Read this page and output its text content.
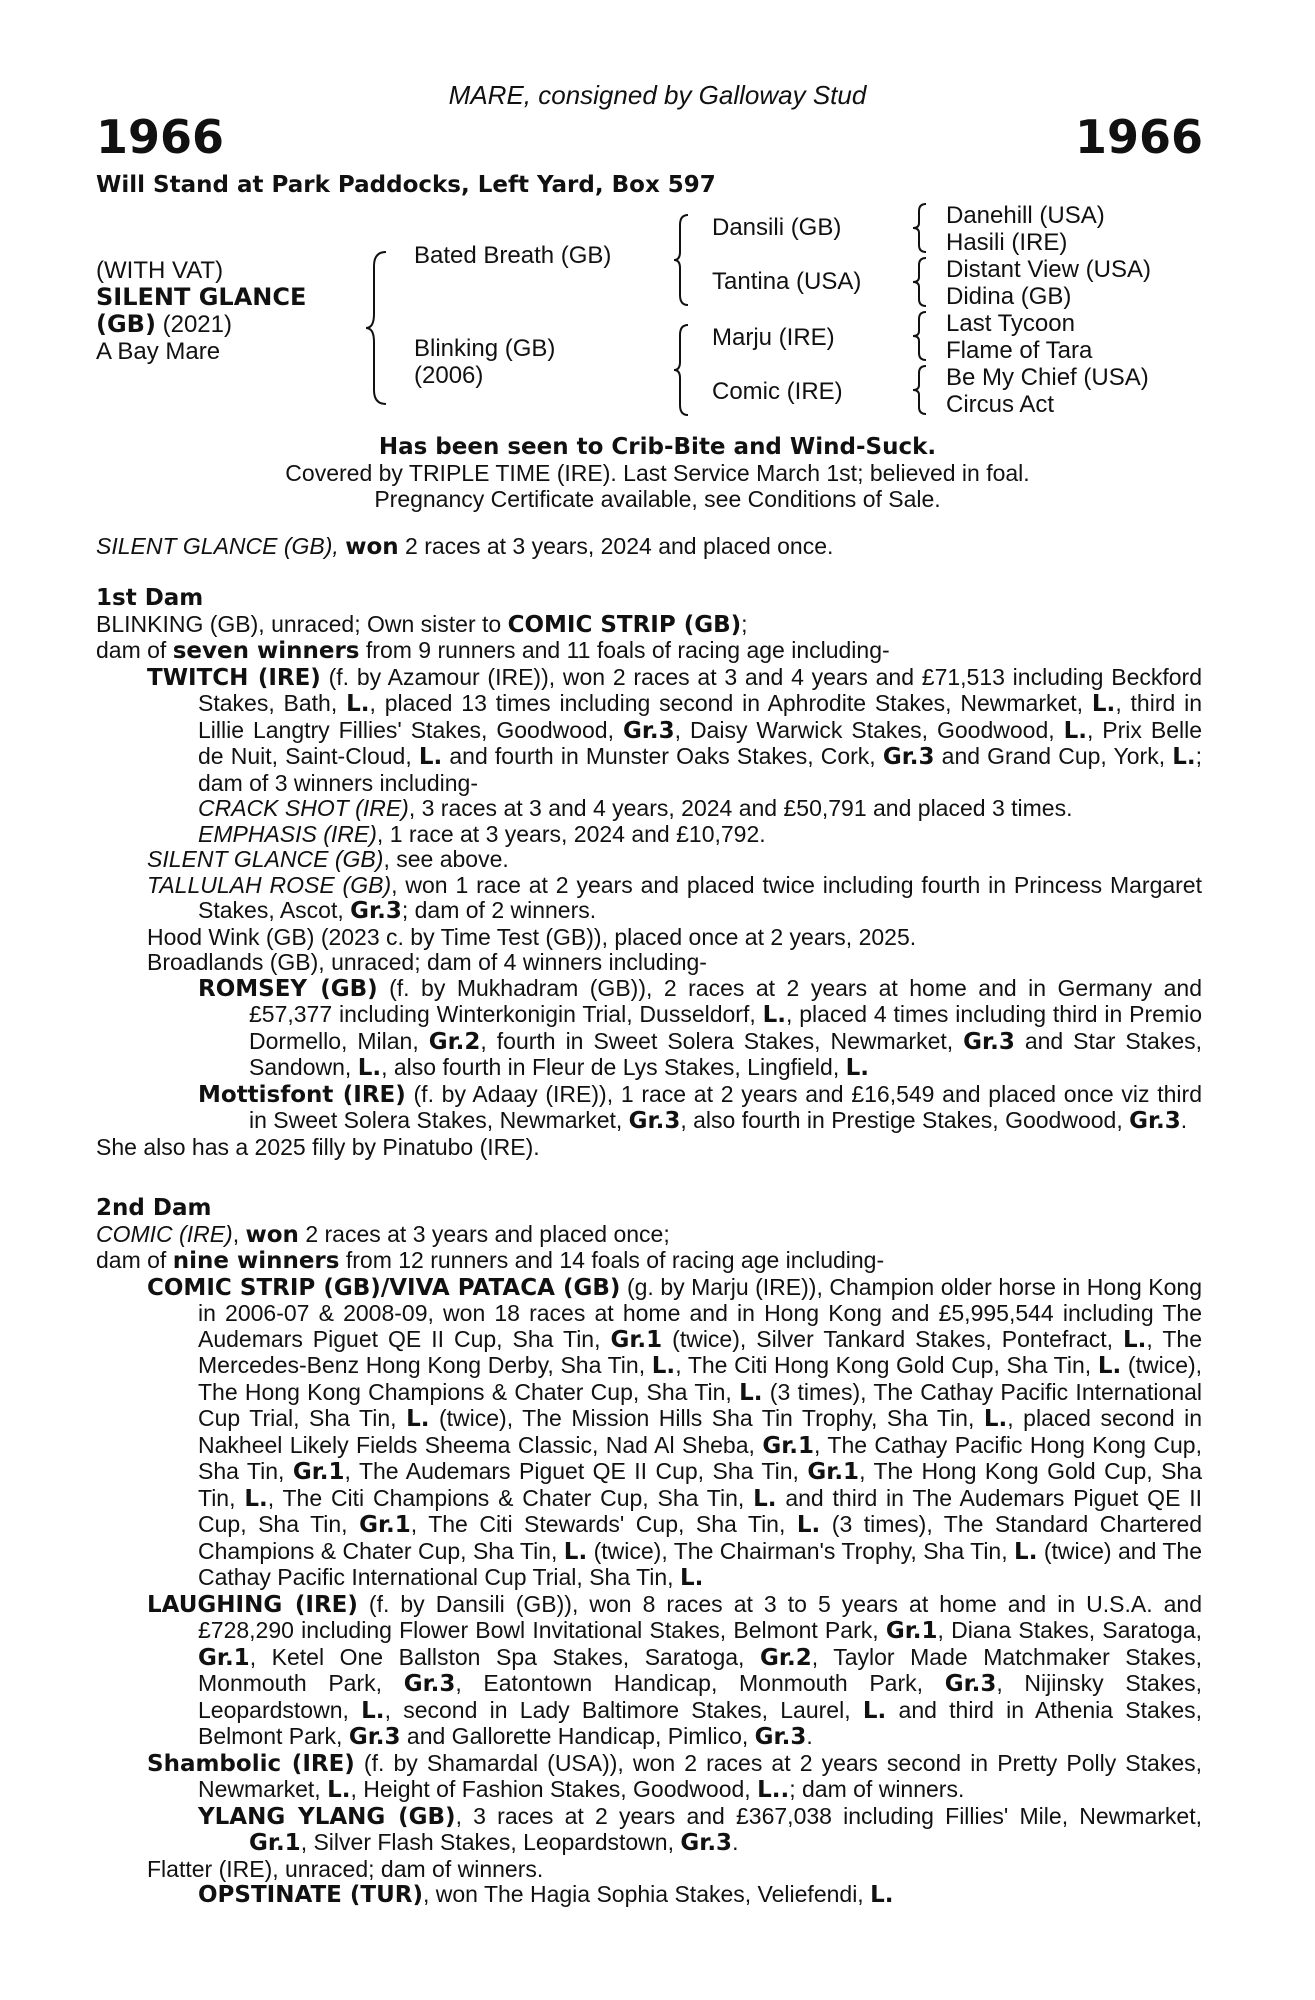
MARE, consigned by Galloway Stud
1966	1966
Will Stand at Park Paddocks, Left Yard, Box 597
(WITH VAT)
SILENT GLANCE
(GB) (2021)
A Bay Mare
Bated Breath (GB)
Blinking (GB)
(2006)
Dansili (GB)
Tantina (USA)
Marju (IRE)
Comic (IRE)
Danehill (USA)
Hasili (IRE)
Distant View (USA)
Didina (GB)
Last Tycoon
Flame of Tara
Be My Chief (USA)
Circus Act
Has been seen to Crib-Bite and Wind-Suck.
Covered by TRIPLE TIME (IRE). Last Service March 1st; believed in foal.
Pregnancy Certificate available, see Conditions of Sale.

SILENT GLANCE (GB), won 2 races at 3 years, 2024 and placed once.

1st Dam

BLINKING (GB), unraced; Own sister to COMIC STRIP (GB);

dam of seven winners from 9 runners and 11 foals of racing age including-

TWITCH (IRE) (f. by Azamour (IRE)), won 2 races at 3 and 4 years and £71,513 including Beckford Stakes, Bath, L., placed 13 times including second in Aphrodite Stakes, Newmarket, L., third in Lillie Langtry Fillies' Stakes, Goodwood, Gr.3, Daisy Warwick Stakes, Goodwood, L., Prix Belle de Nuit, Saint-Cloud, L. and fourth in Munster Oaks Stakes, Cork, Gr.3 and Grand Cup, York, L.; dam of 3 winners including-

CRACK SHOT (IRE), 3 races at 3 and 4 years, 2024 and £50,791 and placed 3 times.

EMPHASIS (IRE), 1 race at 3 years, 2024 and £10,792.

SILENT GLANCE (GB), see above.

TALLULAH ROSE (GB), won 1 race at 2 years and placed twice including fourth in Princess Margaret Stakes, Ascot, Gr.3; dam of 2 winners.

Hood Wink (GB) (2023 c. by Time Test (GB)), placed once at 2 years, 2025.

Broadlands (GB), unraced; dam of 4 winners including-

ROMSEY (GB) (f. by Mukhadram (GB)), 2 races at 2 years at home and in Germany and £57,377 including Winterkonigin Trial, Dusseldorf, L., placed 4 times including third in Premio Dormello, Milan, Gr.2, fourth in Sweet Solera Stakes, Newmarket, Gr.3 and Star Stakes, Sandown, L., also fourth in Fleur de Lys Stakes, Lingfield, L.

Mottisfont (IRE) (f. by Adaay (IRE)), 1 race at 2 years and £16,549 and placed once viz third in Sweet Solera Stakes, Newmarket, Gr.3, also fourth in Prestige Stakes, Goodwood, Gr.3.

She also has a 2025 filly by Pinatubo (IRE).

2nd Dam

COMIC (IRE), won 2 races at 3 years and placed once;

dam of nine winners from 12 runners and 14 foals of racing age including-

COMIC STRIP (GB)/VIVA PATACA (GB) (g. by Marju (IRE)), Champion older horse in Hong Kong in 2006-07 & 2008-09, won 18 races at home and in Hong Kong and £5,995,544 including The Audemars Piguet QE II Cup, Sha Tin, Gr.1 (twice), Silver Tankard Stakes, Pontefract, L., The Mercedes-Benz Hong Kong Derby, Sha Tin, L., The Citi Hong Kong Gold Cup, Sha Tin, L. (twice), The Hong Kong Champions & Chater Cup, Sha Tin, L. (3 times), The Cathay Pacific International Cup Trial, Sha Tin, L. (twice), The Mission Hills Sha Tin Trophy, Sha Tin, L., placed second in Nakheel Likely Fields Sheema Classic, Nad Al Sheba, Gr.1, The Cathay Pacific Hong Kong Cup, Sha Tin, Gr.1, The Audemars Piguet QE II Cup, Sha Tin, Gr.1, The Hong Kong Gold Cup, Sha Tin, L., The Citi Champions & Chater Cup, Sha Tin, L. and third in The Audemars Piguet QE II Cup, Sha Tin, Gr.1, The Citi Stewards' Cup, Sha Tin, L. (3 times), The Standard Chartered Champions & Chater Cup, Sha Tin, L. (twice), The Chairman's Trophy, Sha Tin, L. (twice) and The Cathay Pacific International Cup Trial, Sha Tin, L.

LAUGHING (IRE) (f. by Dansili (GB)), won 8 races at 3 to 5 years at home and in U.S.A. and £728,290 including Flower Bowl Invitational Stakes, Belmont Park, Gr.1, Diana Stakes, Saratoga, Gr.1, Ketel One Ballston Spa Stakes, Saratoga, Gr.2, Taylor Made Matchmaker Stakes, Monmouth Park, Gr.3, Eatontown Handicap, Monmouth Park, Gr.3, Nijinsky Stakes, Leopardstown, L., second in Lady Baltimore Stakes, Laurel, L. and third in Athenia Stakes, Belmont Park, Gr.3 and Gallorette Handicap, Pimlico, Gr.3.

Shambolic (IRE) (f. by Shamardal (USA)), won 2 races at 2 years second in Pretty Polly Stakes, Newmarket, L., Height of Fashion Stakes, Goodwood, L..; dam of winners.

YLANG YLANG (GB), 3 races at 2 years and £367,038 including Fillies' Mile, Newmarket, Gr.1, Silver Flash Stakes, Leopardstown, Gr.3.

Flatter (IRE), unraced; dam of winners.

OPSTINATE (TUR), won The Hagia Sophia Stakes, Veliefendi, L.
